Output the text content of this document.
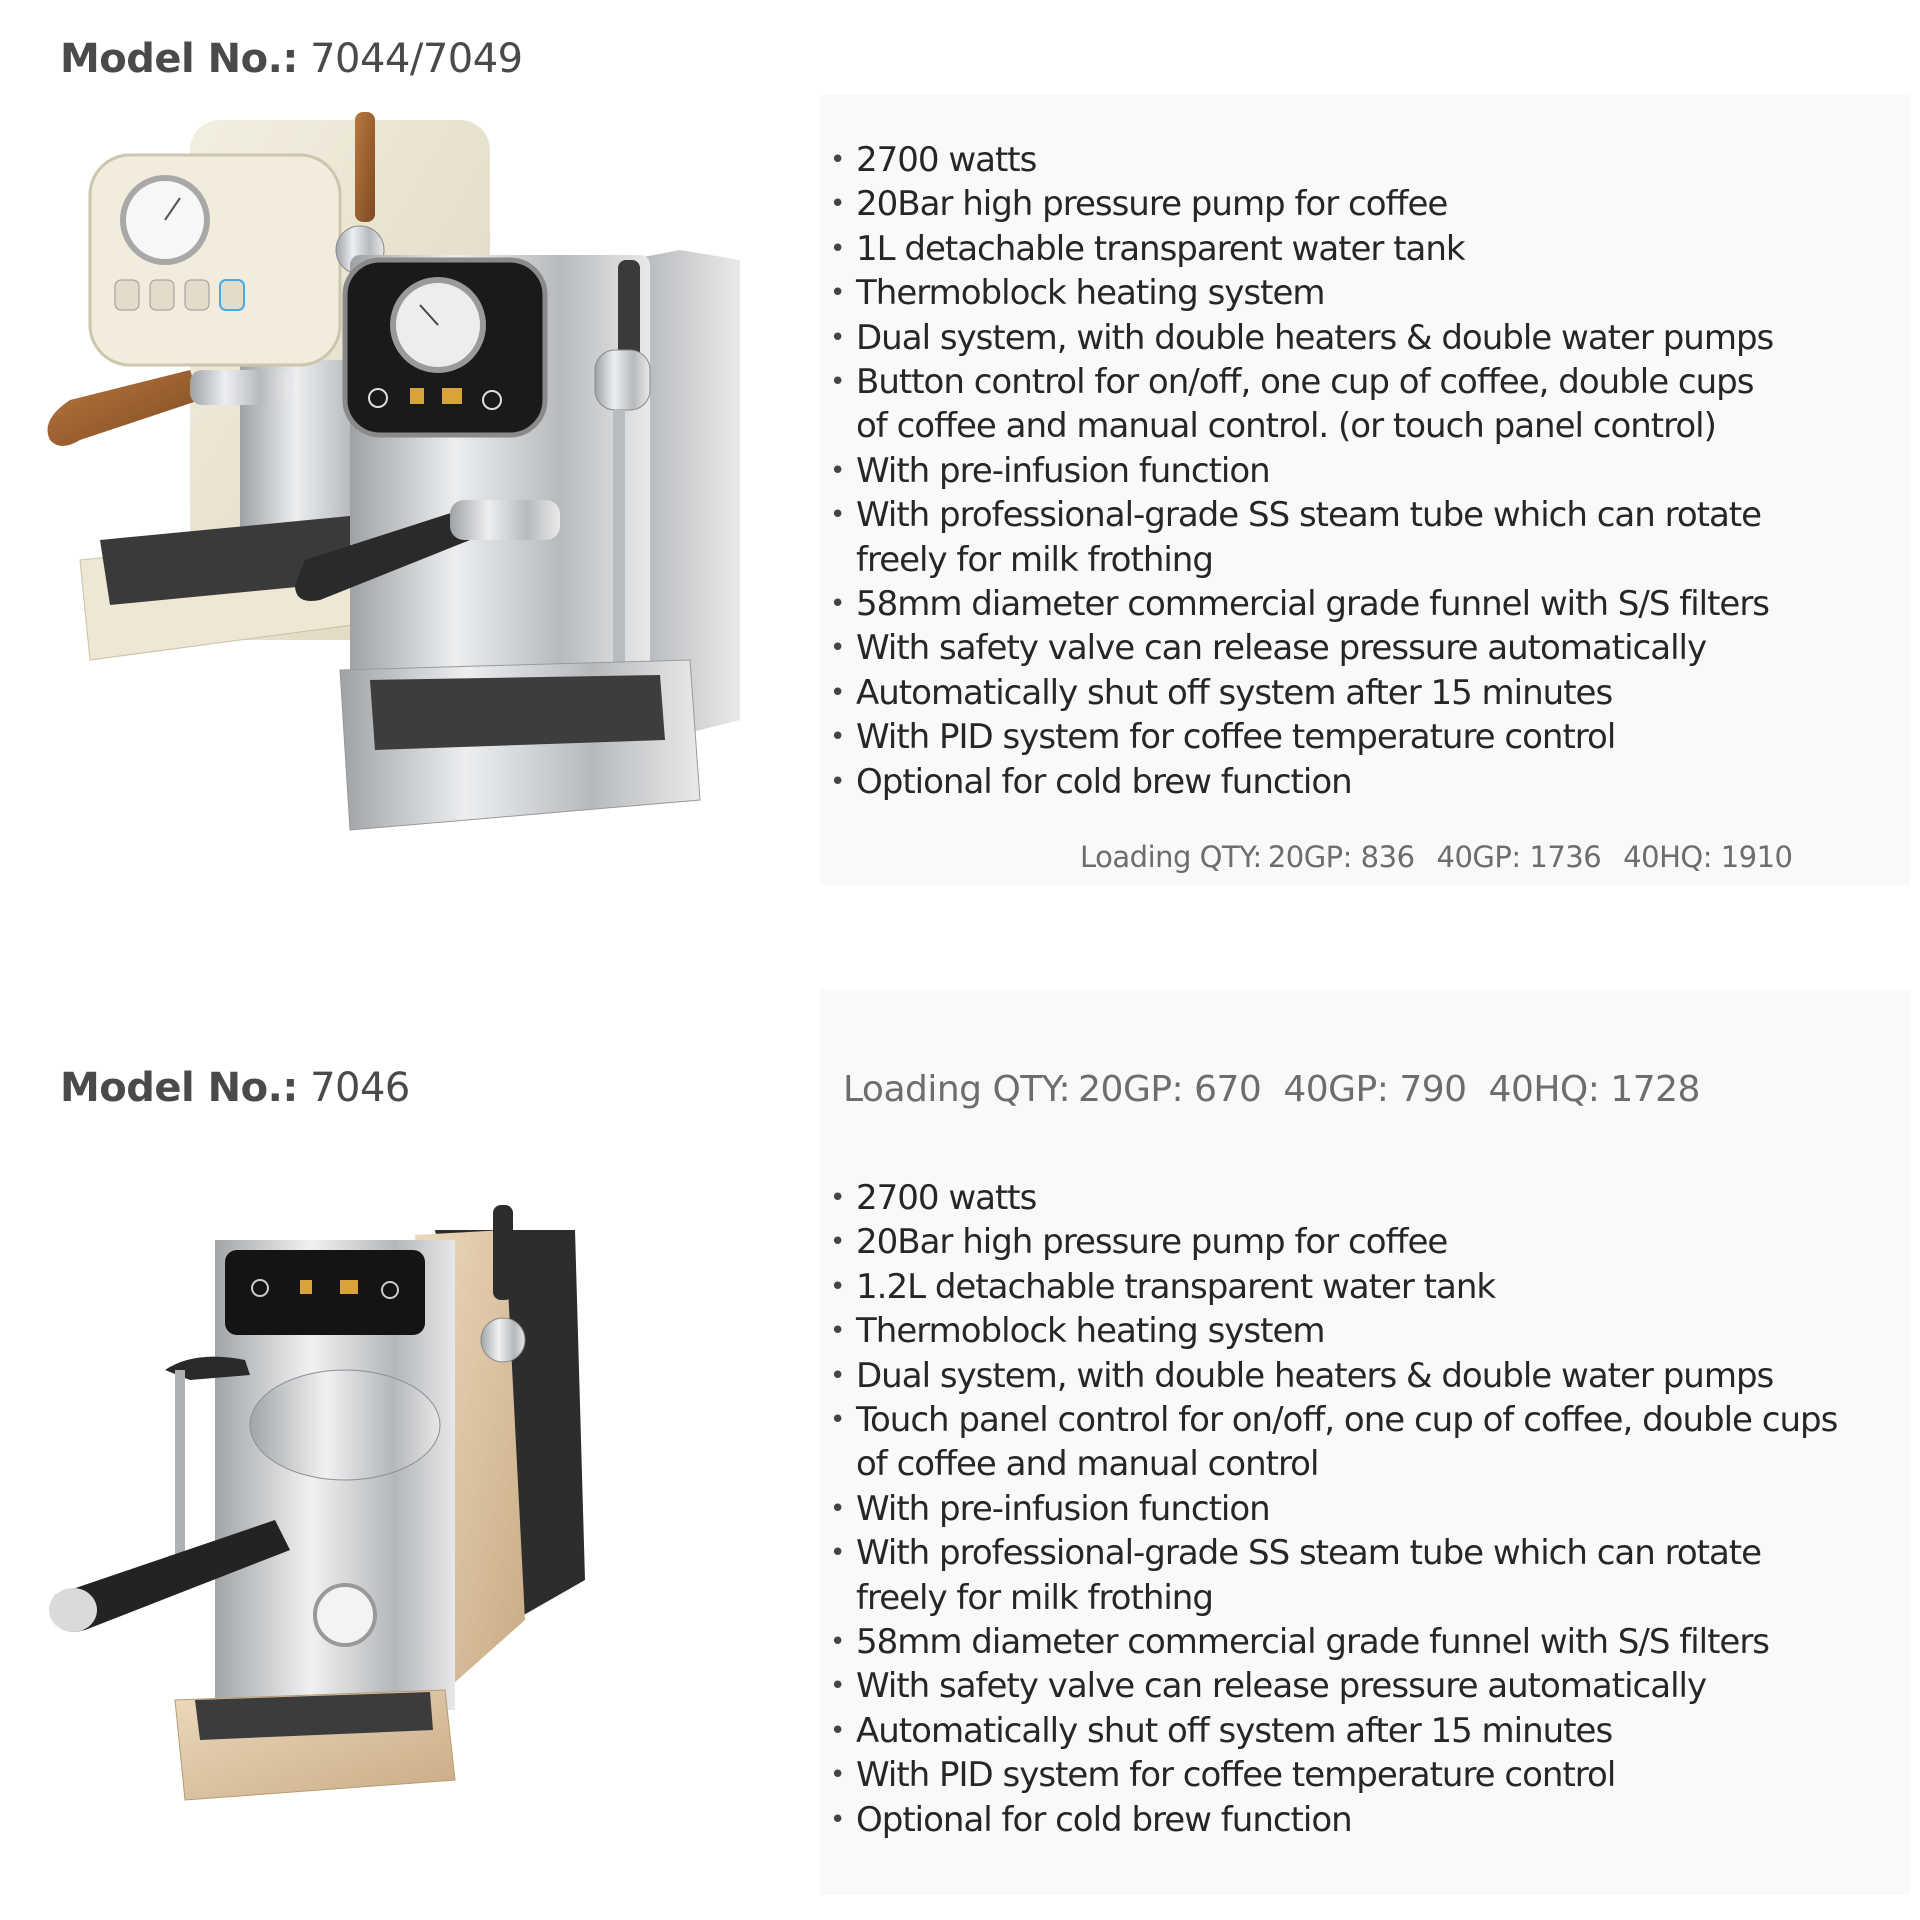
Model No.: 7044/7049
• 2700 watts
• 20Bar high pressure pump for coffee
• 1L detachable transparent water tank
• Thermoblock heating system
• Dual system, with double heaters & double water pumps
• Button control for on/off, one cup of coffee, double cups
of coffee and manual control. (or touch panel control)
• With pre-infusion function
• With professional-grade SS steam tube which can rotate
freely for milk frothing
• 58mm diameter commercial grade funnel with S/S filters
• With safety valve can release pressure automatically
• Automatically shut off system after 15 minutes
• With PID system for coffee temperature control
• Optional for cold brew function
Loading QTY: 20GP: 836 40GP: 1736 40HQ: 1910
Model No.: 7046	Loading QTY: 20GP: 670 40GP: 790 40HQ: 1728
• 2700 watts
• 20Bar high pressure pump for coffee
• 1.2L detachable transparent water tank
• Thermoblock heating system
• Dual system, with double heaters & double water pumps
• Touch panel control for on/off, one cup of coffee, double cups
of coffee and manual control
• With pre-infusion function
• With professional-grade SS steam tube which can rotate
freely for milk frothing
• 58mm diameter commercial grade funnel with S/S filters
• With safety valve can release pressure automatically
• Automatically shut off system after 15 minutes
• With PID system for coffee temperature control
• Optional for cold brew function
